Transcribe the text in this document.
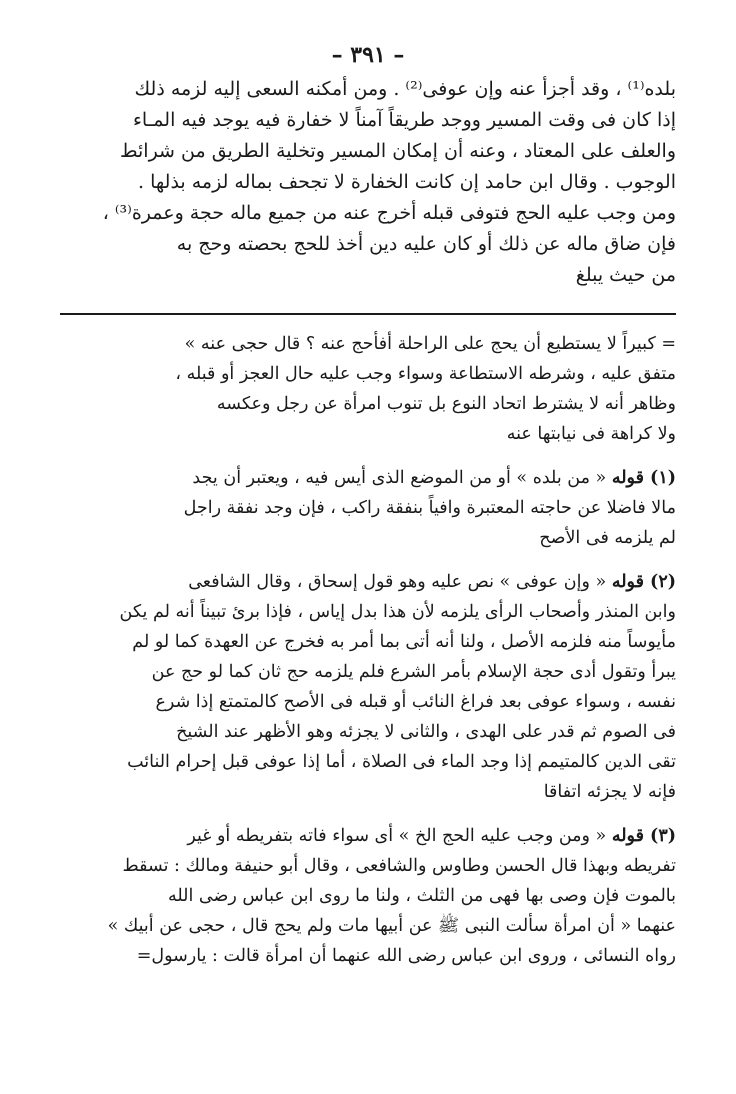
– ٣٩١ –

بلده⁽¹⁾ ، وقد أجزأ عنه وإن عوفى⁽²⁾ . ومن أمكنه السعى إليه لزمه ذلك

إذا كان فى وقت المسير ووجد طريقاً آمناً لا خفارة فيه يوجد فيه المـاء

والعلف على المعتاد ، وعنه أن إمكان المسير وتخلية الطريق من شرائط

الوجوب . وقال ابن حامد إن كانت الخفارة لا تجحف بماله لزمه بذلها .

ومن وجب عليه الحج فتوفى قبله أخرج عنه من جميع ماله حجة وعمرة⁽³⁾ ،

فإن ضاق ماله عن ذلك أو كان عليه دين أخذ للحج بحصته وحج به

من حيث يبلغ

= كبيراً لا يستطيع أن يحج على الراحلة أفأحج عنه ؟ قال حجى عنه »

متفق عليه ، وشرطه الاستطاعة وسواء وجب عليه حال العجز أو قبله ،

وظاهر أنه لا يشترط اتحاد النوع بل تنوب امرأة عن رجل وعكسه

ولا كراهة فى نيابتها عنه

(١) قوله « من بلده » أو من الموضع الذى أيس فيه ، ويعتبر أن يجد

مالا فاضلا عن حاجته المعتبرة وافياً بنفقة راكب ، فإن وجد نفقة راجل

لم يلزمه فى الأصح

(٢) قوله « وإن عوفى » نص عليه وهو قول إسحاق ، وقال الشافعى

وابن المنذر وأصحاب الرأى يلزمه لأن هذا بدل إياس ، فإذا برئ تبيناً أنه لم يكن

مأيوساً منه فلزمه الأصل ، ولنا أنه أتى بما أمر به فخرج عن العهدة كما لو لم

يبرأ وتقول أدى حجة الإسلام بأمر الشرع فلم يلزمه حج ثان كما لو حج عن

نفسه ، وسواء عوفى بعد فراغ النائب أو قبله فى الأصح كالمتمتع إذا شرع

فى الصوم ثم قدر على الهدى ، والثانى لا يجزئه وهو الأظهر عند الشيخ

تقى الدين كالمتيمم إذا وجد الماء فى الصلاة ، أما إذا عوفى قبل إحرام النائب

فإنه لا يجزئه اتفاقا

(٣) قوله « ومن وجب عليه الحج الخ » أى سواء فاته بتفريطه أو غير

تفريطه وبهذا قال الحسن وطاوس والشافعى ، وقال أبو حنيفة ومالك : تسقط

بالموت فإن وصى بها فهى من الثلث ، ولنا ما روى ابن عباس رضى الله

عنهما « أن امرأة سألت النبى ﷺ عن أبيها مات ولم يحج قال ، حجى عن أبيك »

رواه النسائى ، وروى ابن عباس رضى الله عنهما أن امرأة قالت : يارسول=
